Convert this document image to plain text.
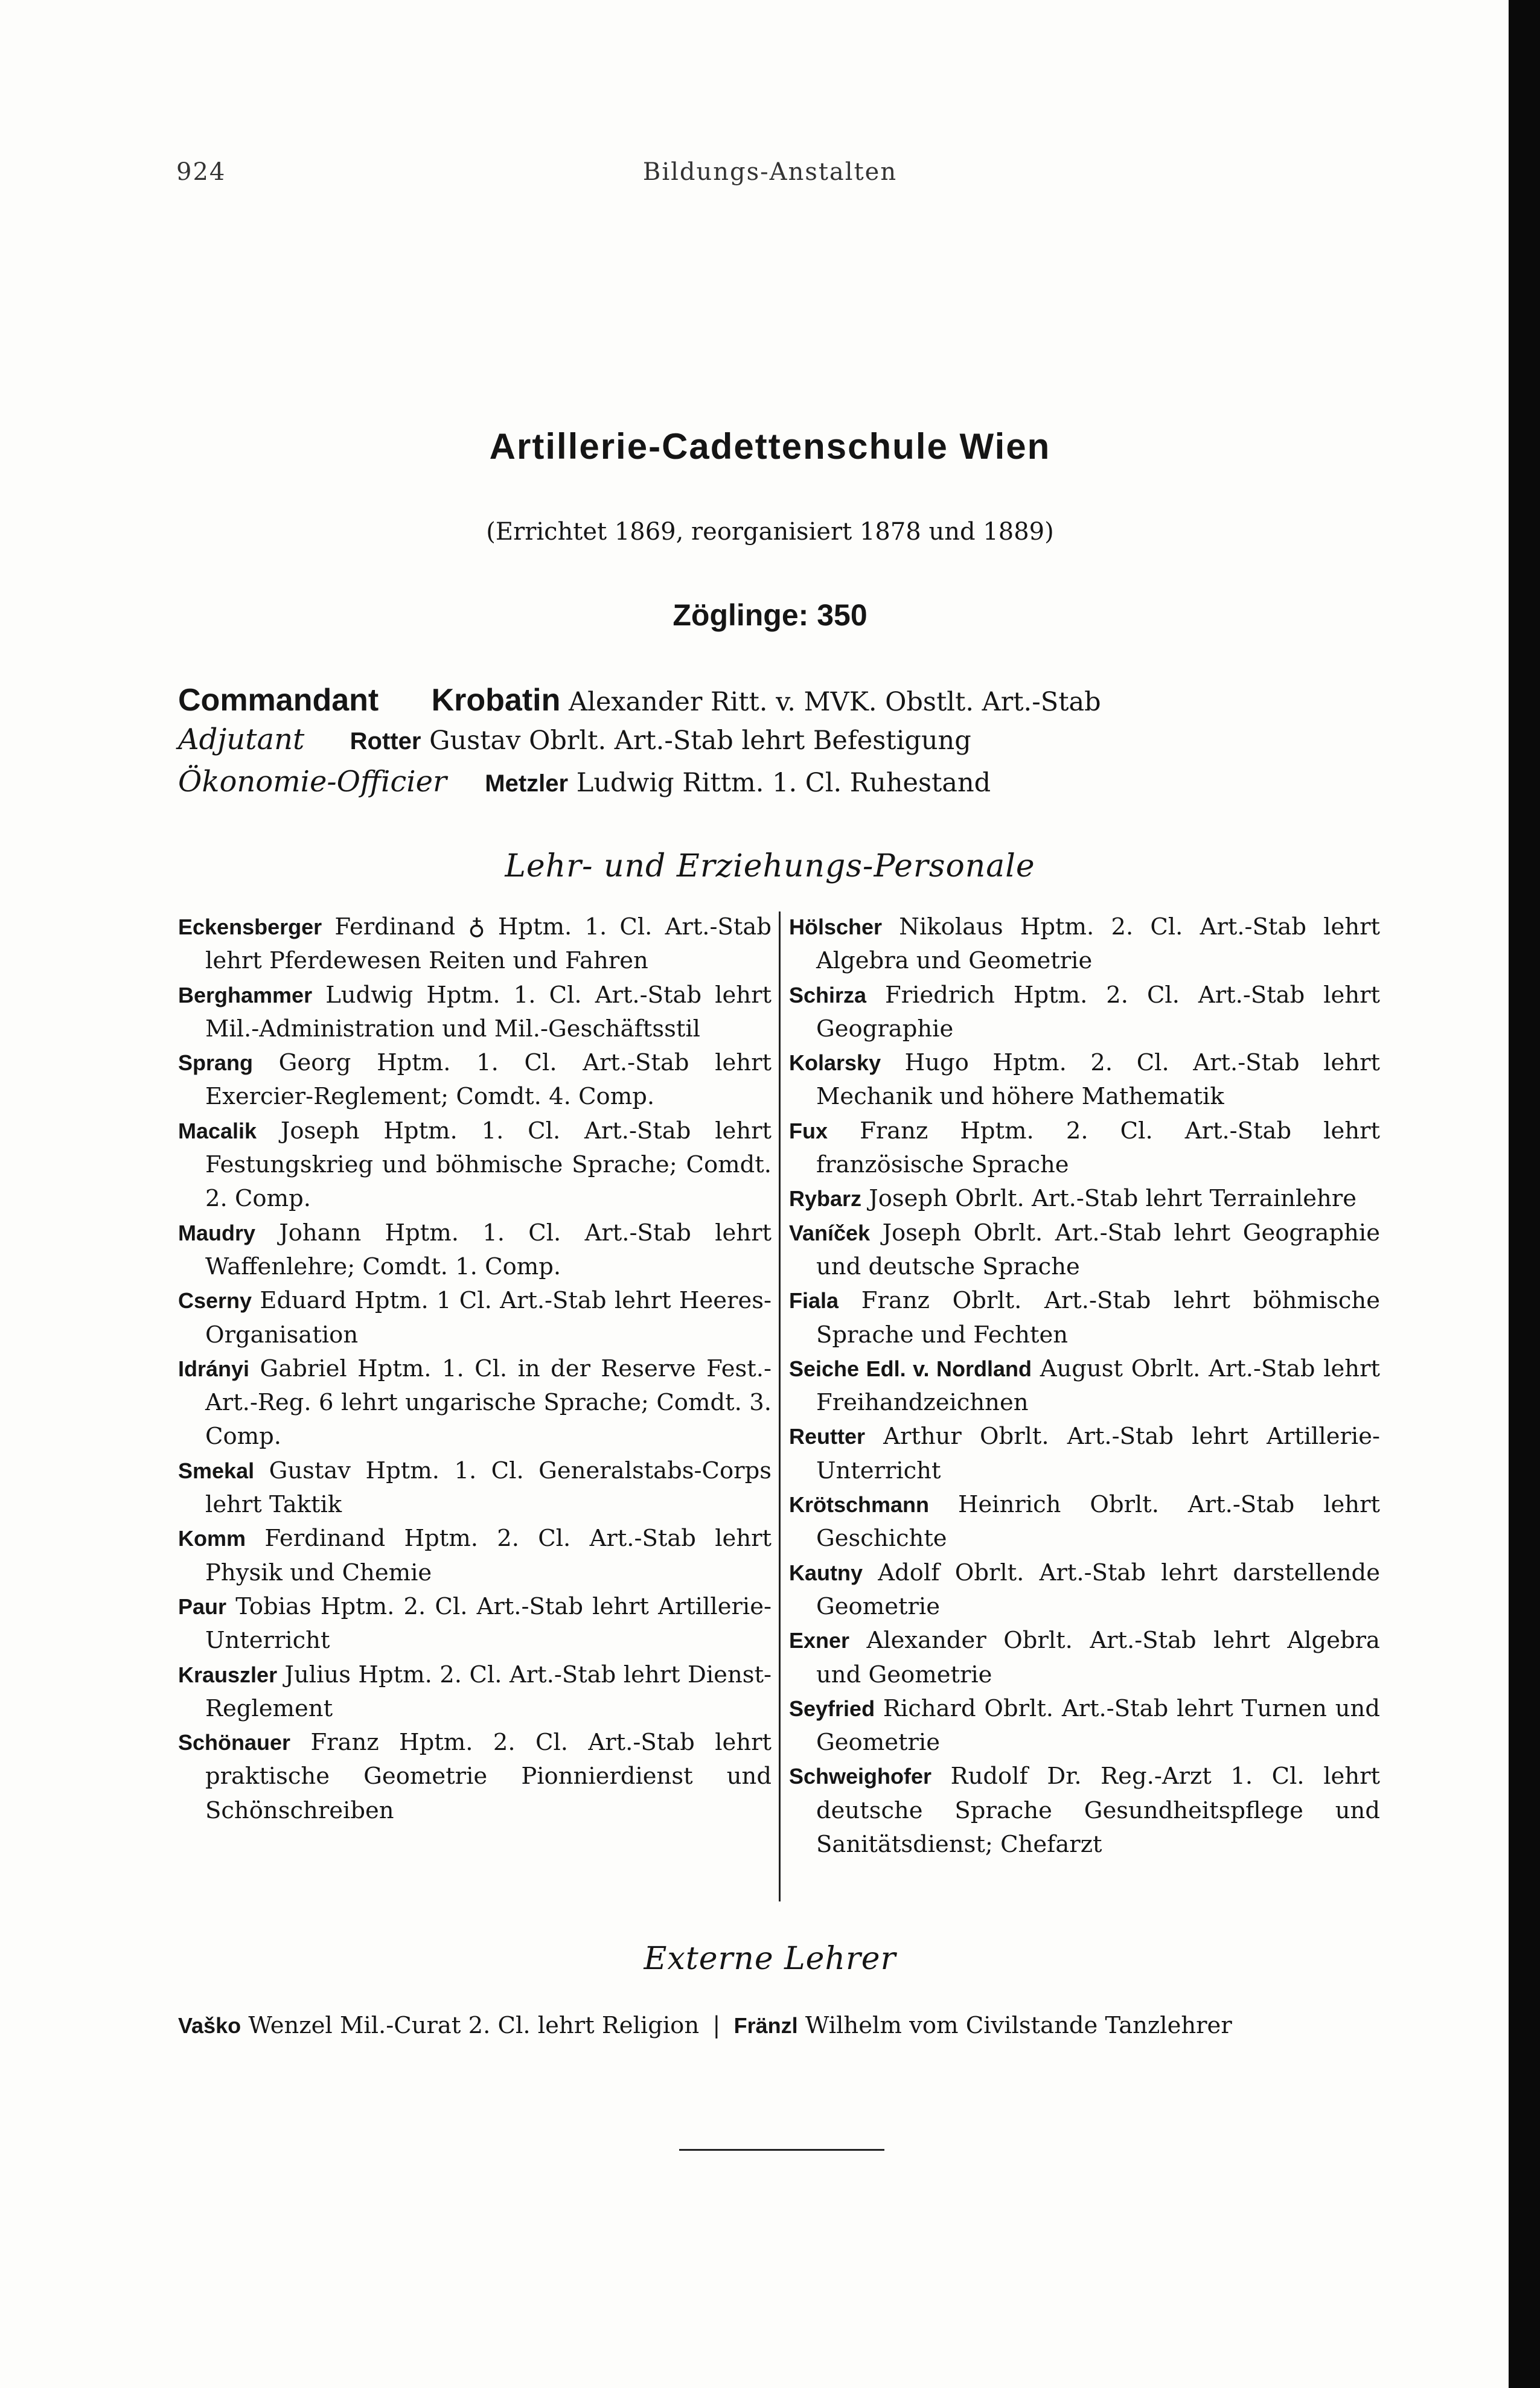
924	Bildungs-Anstalten
Artillerie-Cadettenschule Wien
(Errichtet 1869, reorganisiert 1878 und 1889)
Zöglinge: 350
Commandant Krobatin Alexander Ritt. v. MVK. Obstlt. Art.-Stab
Adjutant Rotter Gustav Obrlt. Art.-Stab lehrt Befestigung
Ökonomie-Officier Metzler Ludwig Rittm. 1. Cl. Ruhestand
Lehr- und Erziehungs-Personale

Eckensberger Ferdinand ♁ Hptm. 1. Cl. Art.-Stab lehrt Pferdewesen Reiten und Fahren

Berghammer Ludwig Hptm. 1. Cl. Art.-Stab lehrt Mil.-Administration und Mil.-Geschäftsstil

Sprang Georg Hptm. 1. Cl. Art.-Stab lehrt Exercier-Reglement; Comdt. 4. Comp.

Macalik Joseph Hptm. 1. Cl. Art.-Stab lehrt Festungskrieg und böhmische Sprache; Comdt. 2. Comp.

Maudry Johann Hptm. 1. Cl. Art.-Stab lehrt Waffenlehre; Comdt. 1. Comp.

Cserny Eduard Hptm. 1 Cl. Art.-Stab lehrt Heeres-Organisation

Idrányi Gabriel Hptm. 1. Cl. in der Reserve Fest.-Art.-Reg. 6 lehrt ungarische Sprache; Comdt. 3. Comp.

Smekal Gustav Hptm. 1. Cl. Generalstabs-Corps lehrt Taktik

Komm Ferdinand Hptm. 2. Cl. Art.-Stab lehrt Physik und Chemie

Paur Tobias Hptm. 2. Cl. Art.-Stab lehrt Artillerie-Unterricht

Krauszler Julius Hptm. 2. Cl. Art.-Stab lehrt Dienst-Reglement

Schönauer Franz Hptm. 2. Cl. Art.-Stab lehrt praktische Geometrie Pionnierdienst und Schönschreiben

Hölscher Nikolaus Hptm. 2. Cl. Art.-Stab lehrt Algebra und Geometrie

Schirza Friedrich Hptm. 2. Cl. Art.-Stab lehrt Geographie

Kolarsky Hugo Hptm. 2. Cl. Art.-Stab lehrt Mechanik und höhere Mathematik

Fux Franz Hptm. 2. Cl. Art.-Stab lehrt französische Sprache

Rybarz Joseph Obrlt. Art.-Stab lehrt Terrainlehre

Vaníček Joseph Obrlt. Art.-Stab lehrt Geographie und deutsche Sprache

Fiala Franz Obrlt. Art.-Stab lehrt böhmische Sprache und Fechten

Seiche Edl. v. Nordland August Obrlt. Art.-Stab lehrt Freihandzeichnen

Reutter Arthur Obrlt. Art.-Stab lehrt Artillerie-Unterricht

Krötschmann Heinrich Obrlt. Art.-Stab lehrt Geschichte

Kautny Adolf Obrlt. Art.-Stab lehrt darstellende Geometrie

Exner Alexander Obrlt. Art.-Stab lehrt Algebra und Geometrie

Seyfried Richard Obrlt. Art.-Stab lehrt Turnen und Geometrie

Schweighofer Rudolf Dr. Reg.-Arzt 1. Cl. lehrt deutsche Sprache Gesundheitspflege und Sanitätsdienst; Chefarzt

Externe Lehrer
Vaško Wenzel Mil.-Curat 2. Cl. lehrt Religion | Fränzl Wilhelm vom Civilstande Tanzlehrer
